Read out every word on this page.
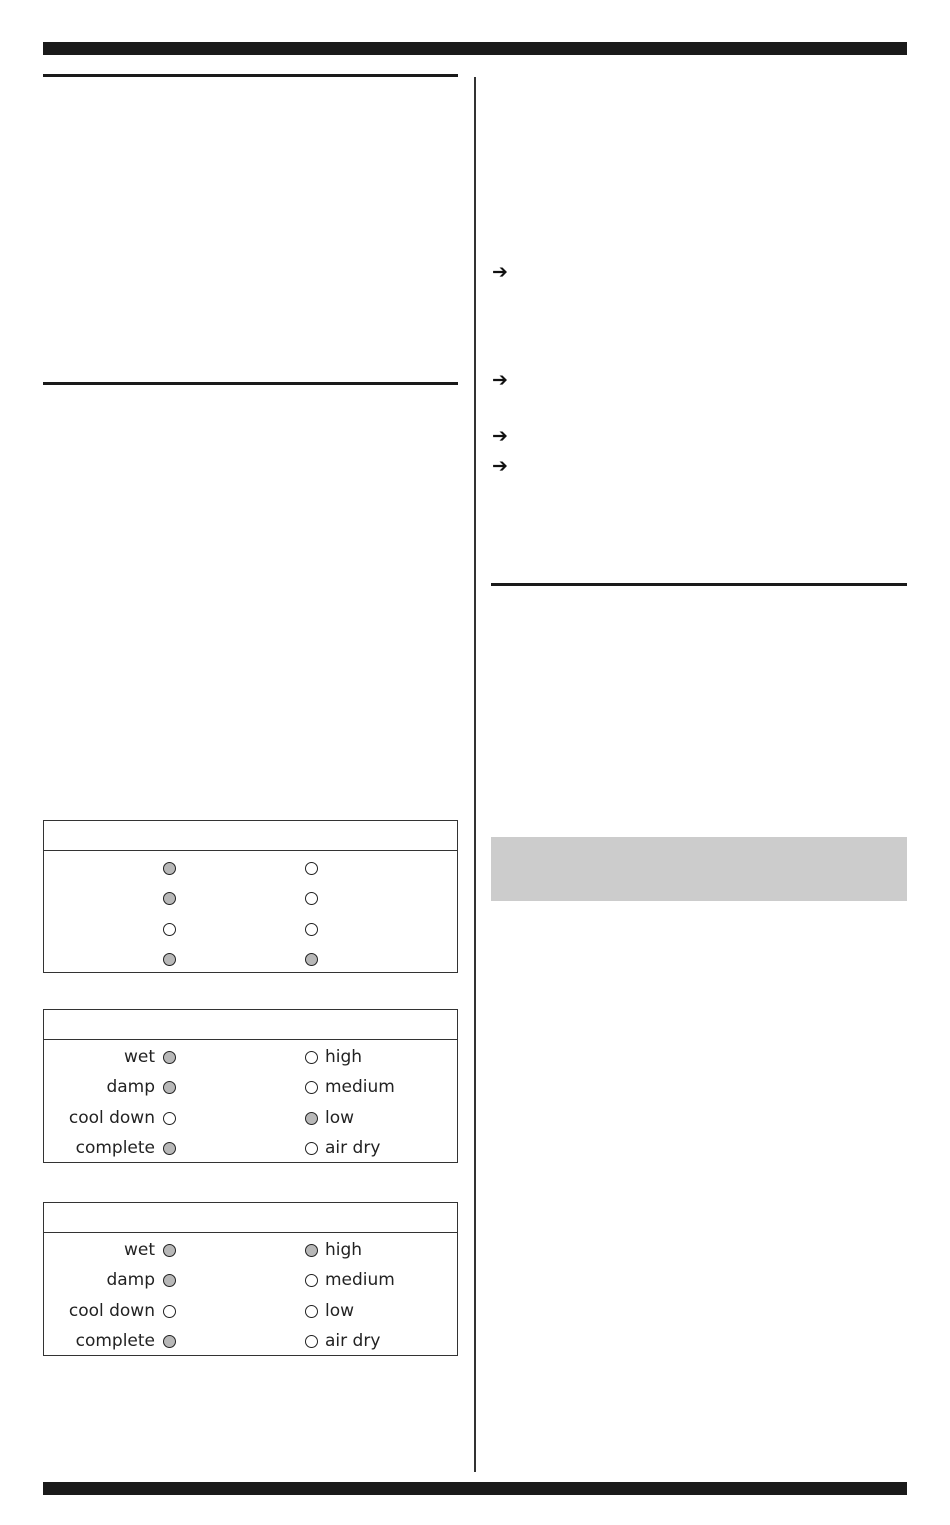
➔
➔
➔
➔
wet	high
damp	medium
cool down	low
complete	air dry
wet	high
damp	medium
cool down	low
complete	air dry
